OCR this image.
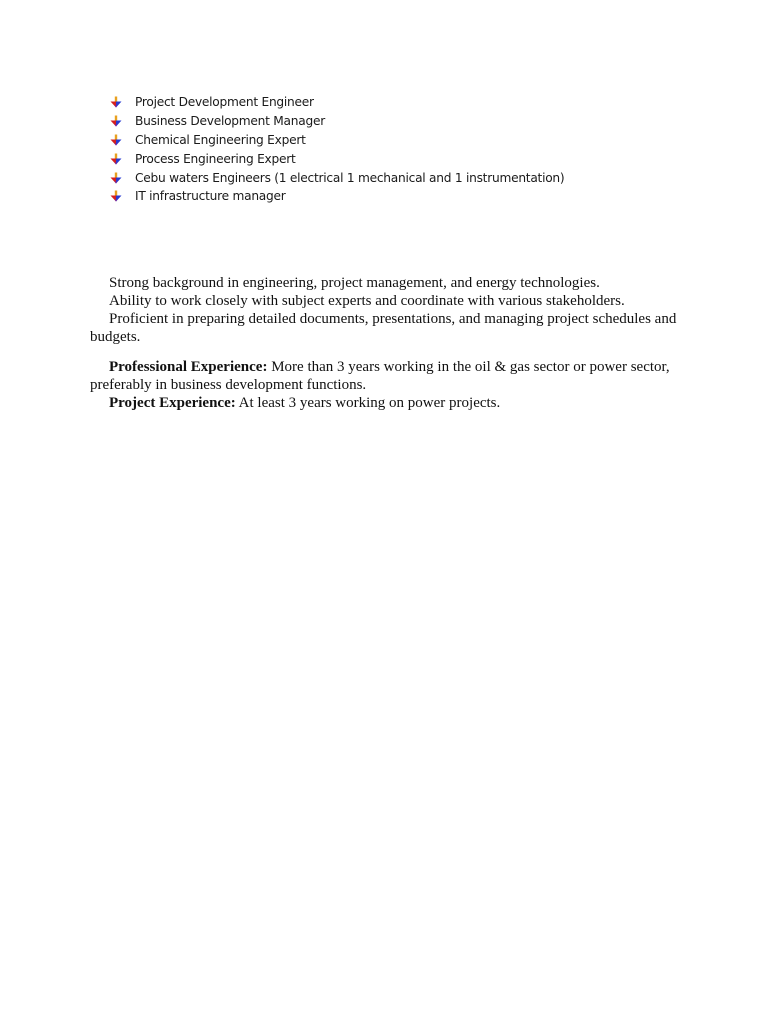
Project Development Engineer
Business Development Manager
Chemical Engineering Expert
Process Engineering Expert
Cebu waters Engineers (1 electrical 1 mechanical and 1 instrumentation)
IT infrastructure manager

Strong background in engineering, project management, and energy technologies.

Ability to work closely with subject experts and coordinate with various stakeholders.

Proficient in preparing detailed documents, presentations, and managing project schedules and budgets.

Professional Experience: More than 3 years working in the oil & gas sector or power sector, preferably in business development functions.

Project Experience: At least 3 years working on power projects.
